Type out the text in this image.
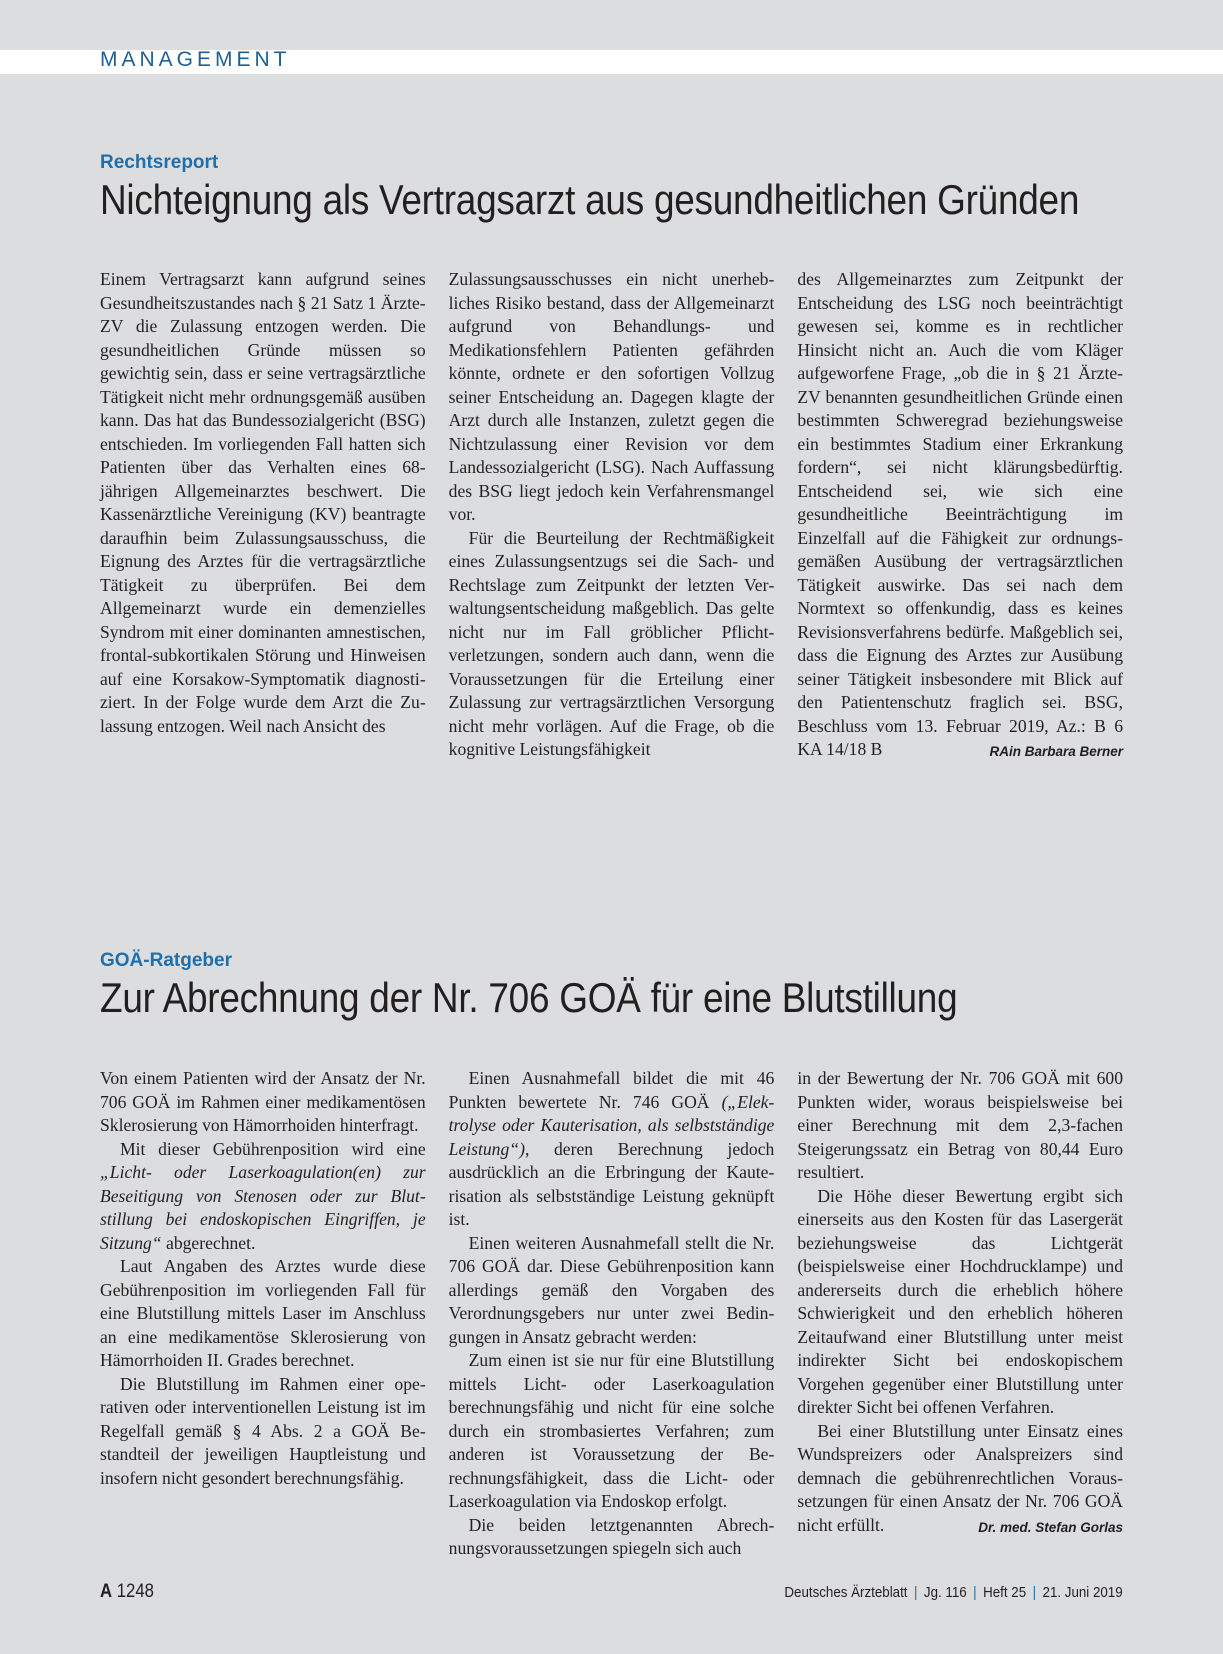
MANAGEMENT
Rechtsreport
Nichteignung als Vertragsarzt aus gesundheitlichen Gründen

Einem Vertragsarzt kann aufgrund seines Gesundheitszustandes nach § 21 Satz 1 Ärzte-ZV die Zulassung entzogen werden. Die gesundheitlichen Gründe müssen so gewichtig sein, dass er seine vertragsärztliche Tätigkeit nicht mehr ordnungsgemäß ausüben kann. Das hat das Bundessozialgericht (BSG) entschieden. Im vorliegenden Fall hatten sich Patienten über das Verhalten eines 68-jährigen Allgemeinarztes beschwert. Die Kassenärztliche Vereinigung (KV) beantragte daraufhin beim Zulassungsausschuss, die Eignung des Arztes für die vertragsärztliche Tätigkeit zu überprüfen. Bei dem Allgemeinarzt wurde ein demenzielles Syndrom mit einer dominanten amnestischen, frontal-subkortikalen Störung und Hinweisen auf eine Korsakow-Symptomatik diagnostiziert. In der Folge wurde dem Arzt die Zulassung entzogen. Weil nach Ansicht des

Zulassungsausschusses ein nicht unerhebliches Risiko bestand, dass der Allgemeinarzt aufgrund von Behandlungs- und Medikationsfehlern Patienten gefährden könnte, ordnete er den sofortigen Vollzug seiner Entscheidung an. Dagegen klagte der Arzt durch alle Instanzen, zuletzt gegen die Nichtzulassung einer Revision vor dem Landessozialgericht (LSG). Nach Auffassung des BSG liegt jedoch kein Verfahrensmangel vor.

Für die Beurteilung der Rechtmäßigkeit eines Zulassungsentzugs sei die Sach- und Rechtslage zum Zeitpunkt der letzten Verwaltungsentscheidung maßgeblich. Das gelte nicht nur im Fall gröblicher Pflichtverletzungen, sondern auch dann, wenn die Voraussetzungen für die Erteilung einer Zulassung zur vertragsärztlichen Versorgung nicht mehr vorlägen. Auf die Frage, ob die kognitive Leistungsfähigkeit

des Allgemeinarztes zum Zeitpunkt der Entscheidung des LSG noch beeinträchtigt gewesen sei, komme es in rechtlicher Hinsicht nicht an. Auch die vom Kläger aufgeworfene Frage, „ob die in § 21 Ärzte-ZV benannten gesundheitlichen Gründe einen bestimmten Schweregrad beziehungsweise ein bestimmtes Stadium einer Erkrankung fordern“, sei nicht klärungsbedürftig. Entscheidend sei, wie sich eine gesundheitliche Beeinträchtigung im Einzelfall auf die Fähigkeit zur ordnungsgemäßen Ausübung der vertragsärztlichen Tätigkeit auswirke. Das sei nach dem Normtext so offenkundig, dass es keines Revisionsverfahrens bedürfe. Maßgeblich sei, dass die Eignung des Arztes zur Ausübung seiner Tätigkeit insbesondere mit Blick auf den Patientenschutz fraglich sei. BSG, Beschluss vom 13. Februar 2019, Az.: B 6 KA 14/18 B	RAin Barbara Berner

GOÄ-Ratgeber
Zur Abrechnung der Nr. 706 GOÄ für eine Blutstillung

Von einem Patienten wird der Ansatz der Nr. 706 GOÄ im Rahmen einer medikamentösen Sklerosierung von Hämorrhoiden hinterfragt.

Mit dieser Gebührenposition wird eine „Licht- oder Laserkoagulation(en) zur Beseitigung von Stenosen oder zur Blutstillung bei endoskopischen Eingriffen, je Sitzung“ abgerechnet.

Laut Angaben des Arztes wurde diese Gebührenposition im vorliegenden Fall für eine Blutstillung mittels Laser im Anschluss an eine medikamentöse Sklerosierung von Hämorrhoiden II. Grades berechnet.

Die Blutstillung im Rahmen einer operativen oder interventionellen Leistung ist im Regelfall gemäß § 4 Abs. 2 a GOÄ Bestandteil der jeweiligen Hauptleistung und insofern nicht gesondert berechnungsfähig.

Einen Ausnahmefall bildet die mit 46 Punkten bewertete Nr. 746 GOÄ („Elektrolyse oder Kauterisation, als selbstständige Leistung“), deren Berechnung jedoch ausdrücklich an die Erbringung der Kauterisation als selbstständige Leistung geknüpft ist.

Einen weiteren Ausnahmefall stellt die Nr. 706 GOÄ dar. Diese Gebührenposition kann allerdings gemäß den Vorgaben des Verordnungsgebers nur unter zwei Bedingungen in Ansatz gebracht werden:

Zum einen ist sie nur für eine Blutstillung mittels Licht- oder Laserkoagulation berechnungsfähig und nicht für eine solche durch ein strombasiertes Verfahren; zum anderen ist Voraussetzung der Berechnungsfähigkeit, dass die Licht- oder Laserkoagulation via Endoskop erfolgt.

Die beiden letztgenannten Abrechnungsvoraussetzungen spiegeln sich auch

in der Bewertung der Nr. 706 GOÄ mit 600 Punkten wider, woraus beispielsweise bei einer Berechnung mit dem 2,3-fachen Steigerungssatz ein Betrag von 80,44 Euro resultiert.

Die Höhe dieser Bewertung ergibt sich einerseits aus den Kosten für das Lasergerät beziehungsweise das Lichtgerät (beispielsweise einer Hochdrucklampe) und andererseits durch die erheblich höhere Schwierigkeit und den erheblich höheren Zeitaufwand einer Blutstillung unter meist indirekter Sicht bei endoskopischem Vorgehen gegenüber einer Blutstillung unter direkter Sicht bei offenen Verfahren.

Bei einer Blutstillung unter Einsatz eines Wundspreizers oder Analspreizers sind demnach die gebührenrechtlichen Voraussetzungen für einen Ansatz der Nr. 706 GOÄ nicht erfüllt.	Dr. med. Stefan Gorlas

A 1248	Deutsches Ärzteblatt | Jg. 116 | Heft 25 | 21. Juni 2019
